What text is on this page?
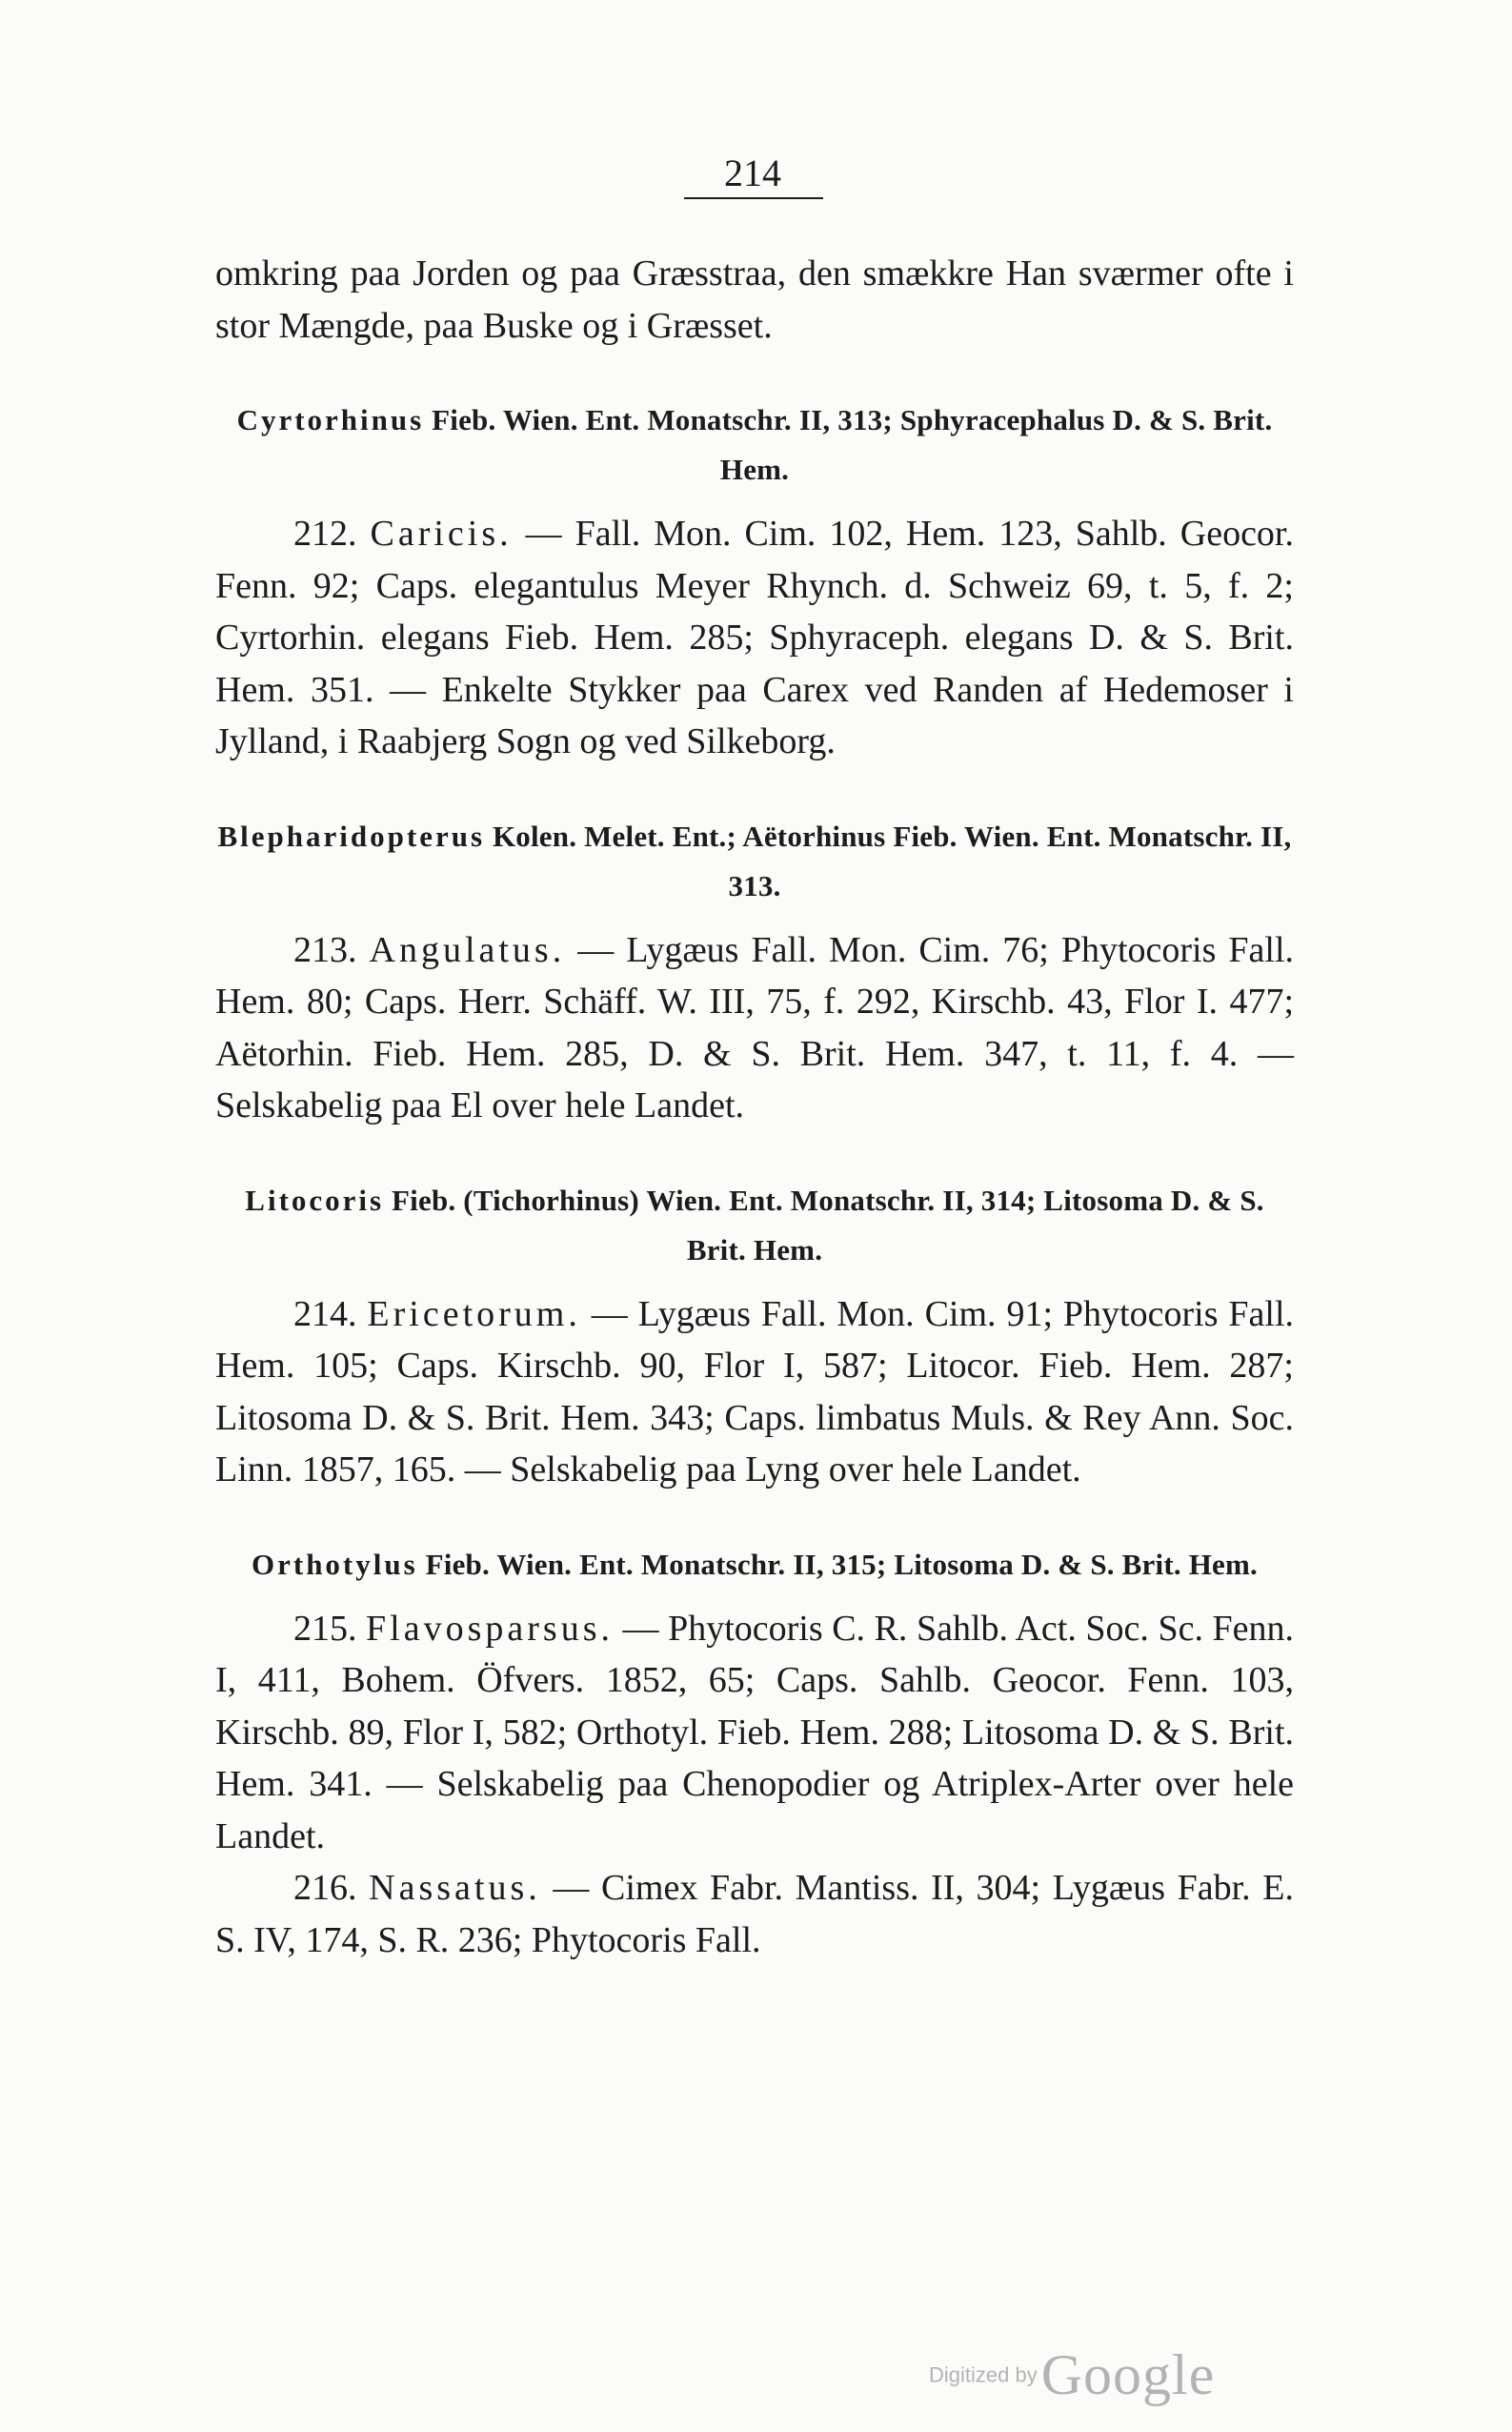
214

omkring paa Jorden og paa Græsstraa, den smækkre Han sværmer ofte i stor Mængde, paa Buske og i Græsset.

Cyrtorhinus Fieb. Wien. Ent. Monatschr. II, 313; Sphyracephalus D. & S. Brit. Hem.

212. Caricis. — Fall. Mon. Cim. 102, Hem. 123, Sahlb. Geocor. Fenn. 92; Caps. elegantulus Meyer Rhynch. d. Schweiz 69, t. 5, f. 2; Cyrtorhin. elegans Fieb. Hem. 285; Sphyraceph. elegans D. & S. Brit. Hem. 351. — Enkelte Stykker paa Carex ved Randen af Hedemoser i Jylland, i Raabjerg Sogn og ved Silkeborg.

Blepharidopterus Kolen. Melet. Ent.; Aëtorhinus Fieb. Wien. Ent. Monatschr. II, 313.

213. Angulatus. — Lygæus Fall. Mon. Cim. 76; Phytocoris Fall. Hem. 80; Caps. Herr. Schäff. W. III, 75, f. 292, Kirschb. 43, Flor I. 477; Aëtorhin. Fieb. Hem. 285, D. & S. Brit. Hem. 347, t. 11, f. 4. — Selskabelig paa El over hele Landet.

Litocoris Fieb. (Tichorhinus) Wien. Ent. Monatschr. II, 314; Litosoma D. & S. Brit. Hem.

214. Ericetorum. — Lygæus Fall. Mon. Cim. 91; Phytocoris Fall. Hem. 105; Caps. Kirschb. 90, Flor I, 587; Litocor. Fieb. Hem. 287; Litosoma D. & S. Brit. Hem. 343; Caps. limbatus Muls. & Rey Ann. Soc. Linn. 1857, 165. — Selskabelig paa Lyng over hele Landet.

Orthotylus Fieb. Wien. Ent. Monatschr. II, 315; Litosoma D. & S. Brit. Hem.

215. Flavosparsus. — Phytocoris C. R. Sahlb. Act. Soc. Sc. Fenn. I, 411, Bohem. Öfvers. 1852, 65; Caps. Sahlb. Geocor. Fenn. 103, Kirschb. 89, Flor I, 582; Orthotyl. Fieb. Hem. 288; Litosoma D. & S. Brit. Hem. 341. — Selskabelig paa Chenopodier og Atriplex-Arter over hele Landet.

216. Nassatus. — Cimex Fabr. Mantiss. II, 304; Lygæus Fabr. E. S. IV, 174, S. R. 236; Phytocoris Fall.

Digitized by Google
